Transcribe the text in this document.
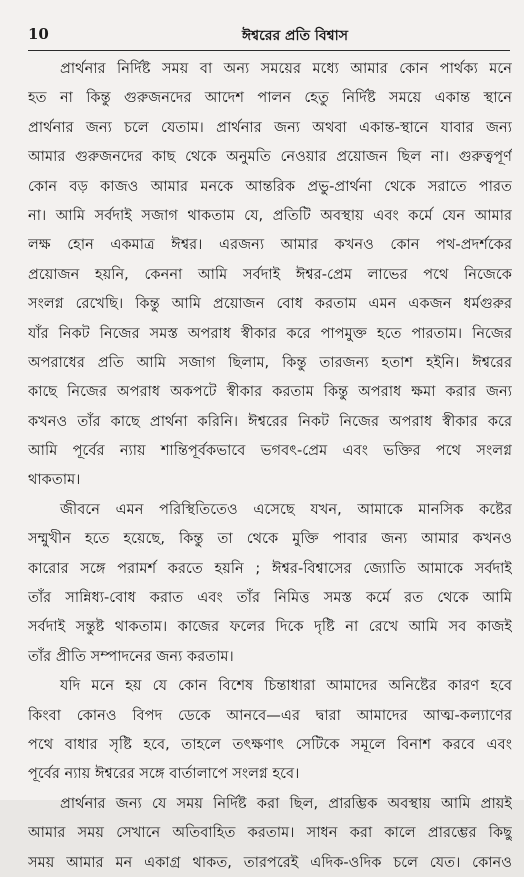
10	ঈশ্বরের প্রতি বিশ্বাস
প্রার্থনার নির্দিষ্ট সময় বা অন্য সময়ের মধ্যে আমার কোন পার্থক্য মনে
হত না কিন্তু গুরুজনদের আদেশ পালন হেতু নির্দিষ্ট সময়ে একান্ত স্থানে
প্রার্থনার জন্য চলে যেতাম। প্রার্থনার জন্য অথবা একান্ত-স্থানে যাবার জন্য
আমার গুরুজনদের কাছ থেকে অনুমতি নেওয়ার প্রয়োজন ছিল না। গুরুত্বপূর্ণ
কোন বড় কাজও আমার মনকে আন্তরিক প্রভু-প্রার্থনা থেকে সরাতে পারত
না। আমি সর্বদাই সজাগ থাকতাম যে, প্রতিটি অবস্থায় এবং কর্মে যেন আমার
লক্ষ হোন একমাত্র ঈশ্বর। এরজন্য আমার কখনও কোন পথ-প্রদর্শকের
প্রয়োজন হয়নি, কেননা আমি সর্বদাই ঈশ্বর-প্রেম লাভের পথে নিজেকে
সংলগ্ন রেখেছি। কিন্তু আমি প্রয়োজন বোধ করতাম এমন একজন ধর্মগুরুর
যাঁর নিকট নিজের সমস্ত অপরাধ স্বীকার করে পাপমুক্ত হতে পারতাম। নিজের
অপরাধের প্রতি আমি সজাগ ছিলাম, কিন্তু তারজন্য হতাশ হইনি। ঈশ্বরের
কাছে নিজের অপরাধ অকপটে স্বীকার করতাম কিন্তু অপরাধ ক্ষমা করার জন্য
কখনও তাঁর কাছে প্রার্থনা করিনি। ঈশ্বরের নিকট নিজের অপরাধ স্বীকার করে
আমি পূর্বের ন্যায় শান্তিপূর্বকভাবে ভগবৎ-প্রেম এবং ভক্তির পথে সংলগ্ন
থাকতাম।
জীবনে এমন পরিস্থিতিতেও এসেছে যখন, আমাকে মানসিক কষ্টের
সম্মুখীন হতে হয়েছে, কিন্তু তা থেকে মুক্তি পাবার জন্য আমার কখনও
কারোর সঙ্গে পরামর্শ করতে হয়নি ; ঈশ্বর-বিশ্বাসের জ্যোতি আমাকে সর্বদাই
তাঁর সান্নিধ্য-বোধ করাত এবং তাঁর নিমিত্ত সমস্ত কর্মে রত থেকে আমি
সর্বদাই সন্তুষ্ট থাকতাম। কাজের ফলের দিকে দৃষ্টি না রেখে আমি সব কাজই
তাঁর প্রীতি সম্পাদনের জন্য করতাম।
যদি মনে হয় যে কোন বিশেষ চিন্তাধারা আমাদের অনিষ্টের কারণ হবে
কিংবা কোনও বিপদ ডেকে আনবে—এর দ্বারা আমাদের আত্ম-কল্যাণের
পথে বাধার সৃষ্টি হবে, তাহলে তৎক্ষণাৎ সেটিকে সমূলে বিনাশ করবে এবং
পূর্বের ন্যায় ঈশ্বরের সঙ্গে বার্তালাপে সংলগ্ন হবে।
প্রার্থনার জন্য যে সময় নির্দিষ্ট করা ছিল, প্রারম্ভিক অবস্থায় আমি প্রায়ই
আমার সময় সেখানে অতিবাহিত করতাম। সাধন করা কালে প্রারম্ভের কিছু
সময় আমার মন একাগ্র থাকত, তারপরেই এদিক-ওদিক চলে যেত। কোনও
